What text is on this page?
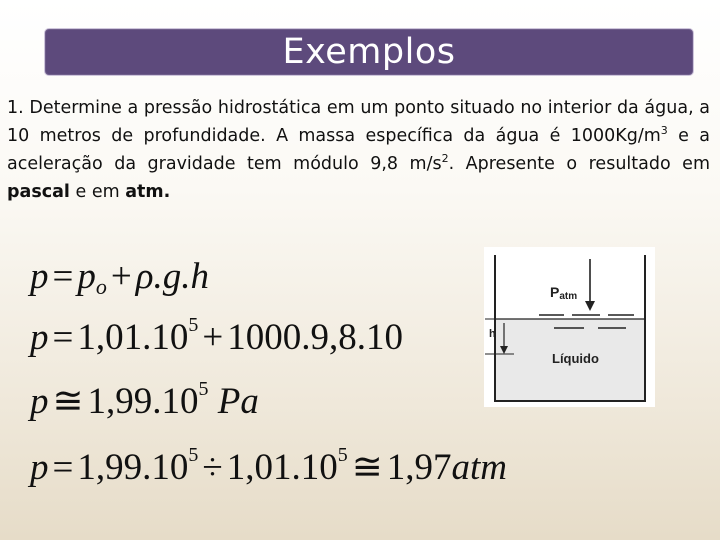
Exemplos

1. Determine a pressão hidrostática em um ponto situado no interior da água, a 10 metros de profundidade. A massa específica da água é $1000Kg/m^3$ e a aceleração da gravidade tem módulo 9,8 $m/s^2$. Apresente o resultado em pascal e em atm.

$p = p_o + \rho.g.h$
$p = 1,01.10^5 + 1000.9,8.10$
p ≅ 1,99.10$^5$ Pa
$p = 1,99.10^5 \div 1,01.10^5$ ≅ 1,97atm
Patm
h
Líquido
